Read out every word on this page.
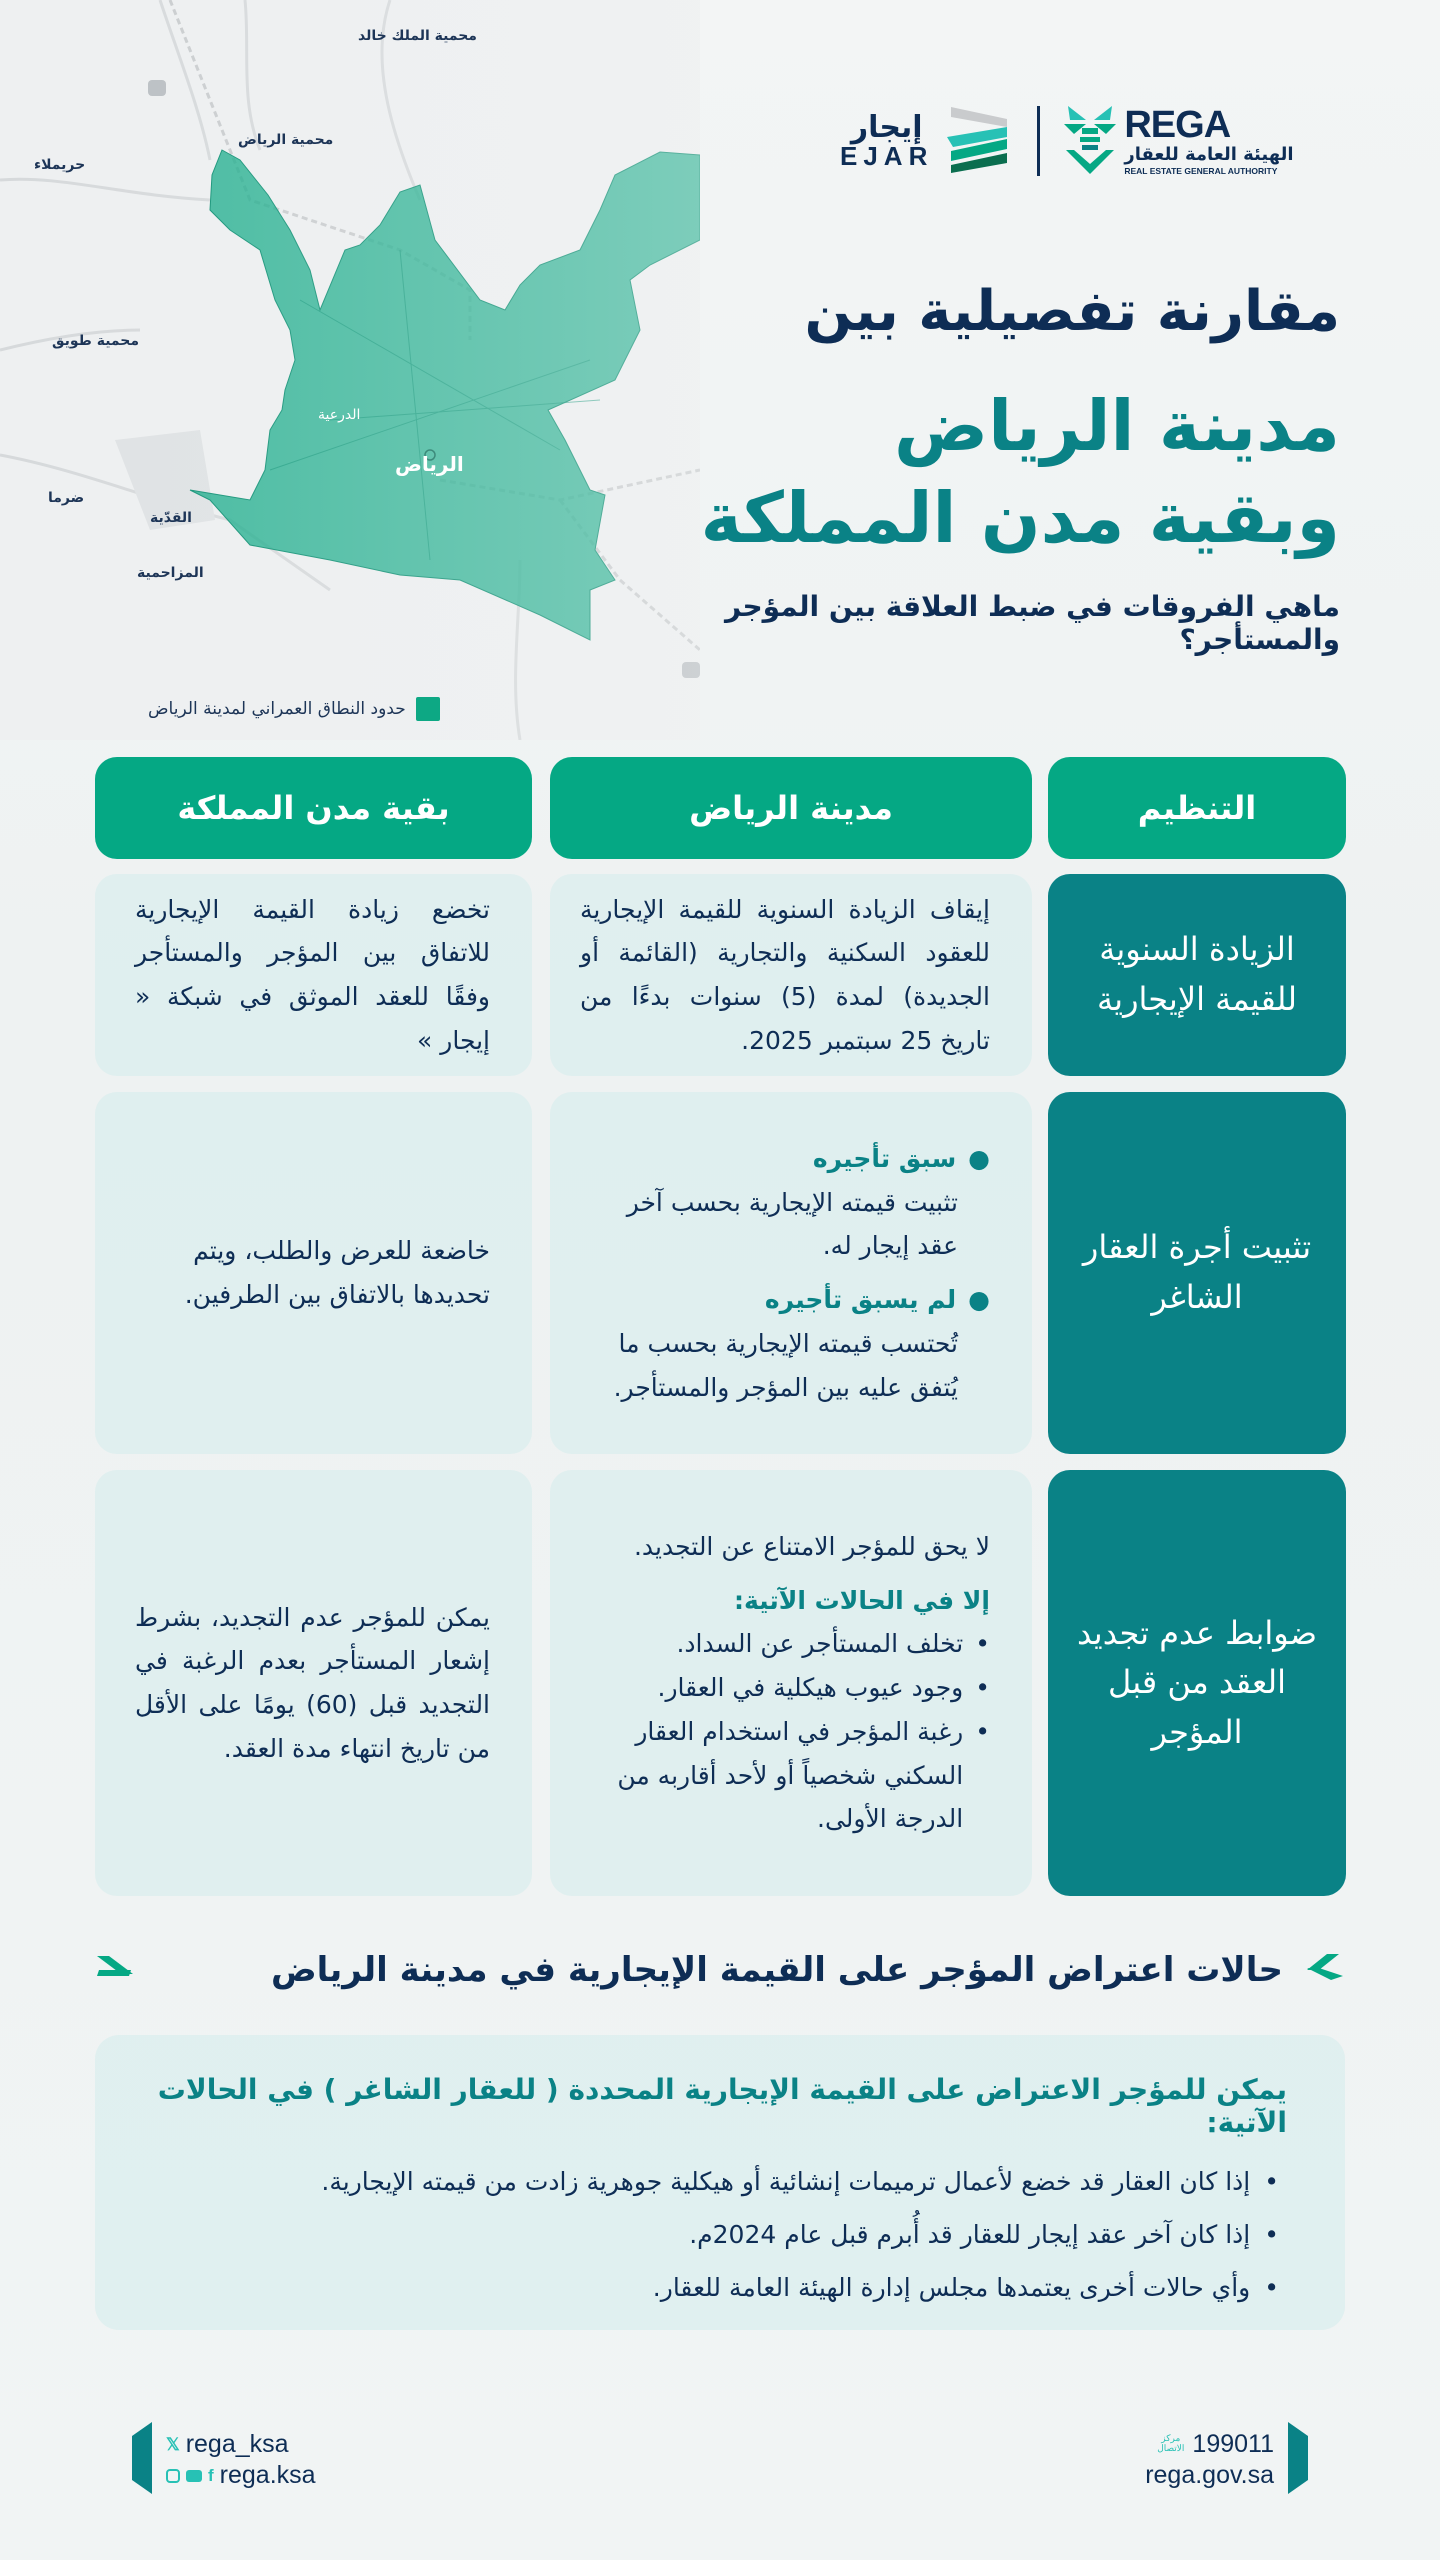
محمية الملك خالد
محمية الرياض
حريملاء
محمية طويق
الدرعية
الرياض
ضرما
القدّية
المزاحمية
حدود النطاق العمراني لمدينة الرياض
إيجار
EJAR
REGA
الهيئة العامة للعقار
REAL ESTATE GENERAL AUTHORITY
مقارنة تفصيلية بين
مدينة الرياض
وبقية مدن المملكة
ماهي الفروقات في ضبط العلاقة بين المؤجر والمستأجر؟
التنظيم
مدينة الرياض
بقية مدن المملكة
الزيادة السنوية للقيمة الإيجارية
إيقاف الزيادة السنوية للقيمة الإيجارية للعقود السكنية والتجارية (القائمة أو الجديدة) لمدة (5) سنوات بدءًا من تاريخ 25 سبتمبر 2025.
تخضع زيادة القيمة الإيجارية للاتفاق بين المؤجر والمستأجر وفقًا للعقد الموثق في شبكة « إيجار »
تثبيت أجرة العقار الشاغر
●
سبق تأجيره
تثبيت قيمته الإيجارية بحسب آخر عقد إيجار له.
●
لم يسبق تأجيره
تُحتسب قيمته الإيجارية بحسب ما يُتفق عليه بين المؤجر والمستأجر.
خاضعة للعرض والطلب، ويتم تحديدها بالاتفاق بين الطرفين.
ضوابط عدم تجديد العقد من قبل المؤجر
لا يحق للمؤجر الامتناع عن التجديد.
إلا في الحالات الآتية:
•
تخلف المستأجر عن السداد.
•
وجود عيوب هيكلية في العقار.
•
رغبة المؤجر في استخدام العقار السكني شخصياً أو لأحد أقاربه من الدرجة الأولى.
يمكن للمؤجر عدم التجديد، بشرط إشعار المستأجر بعدم الرغبة في التجديد قبل (60) يومًا على الأقل من تاريخ انتهاء مدة العقد.
حالات اعتراض المؤجر على القيمة الإيجارية في مدينة الرياض
يمكن للمؤجر الاعتراض على القيمة الإيجارية المحددة ( للعقار الشاغر ) في الحالات الآتية:
•
إذا كان العقار قد خضع لأعمال ترميمات إنشائية أو هيكلية جوهرية زادت من قيمته الإيجارية.
•
إذا كان آخر عقد إيجار للعقار قد أُبرم قبل عام 2024م.
•
وأي حالات أخرى يعتمدها مجلس إدارة الهيئة العامة للعقار.
𝕏 rega_ksa
f rega.ksa
مركز
الاتصال 199011
rega.gov.sa
